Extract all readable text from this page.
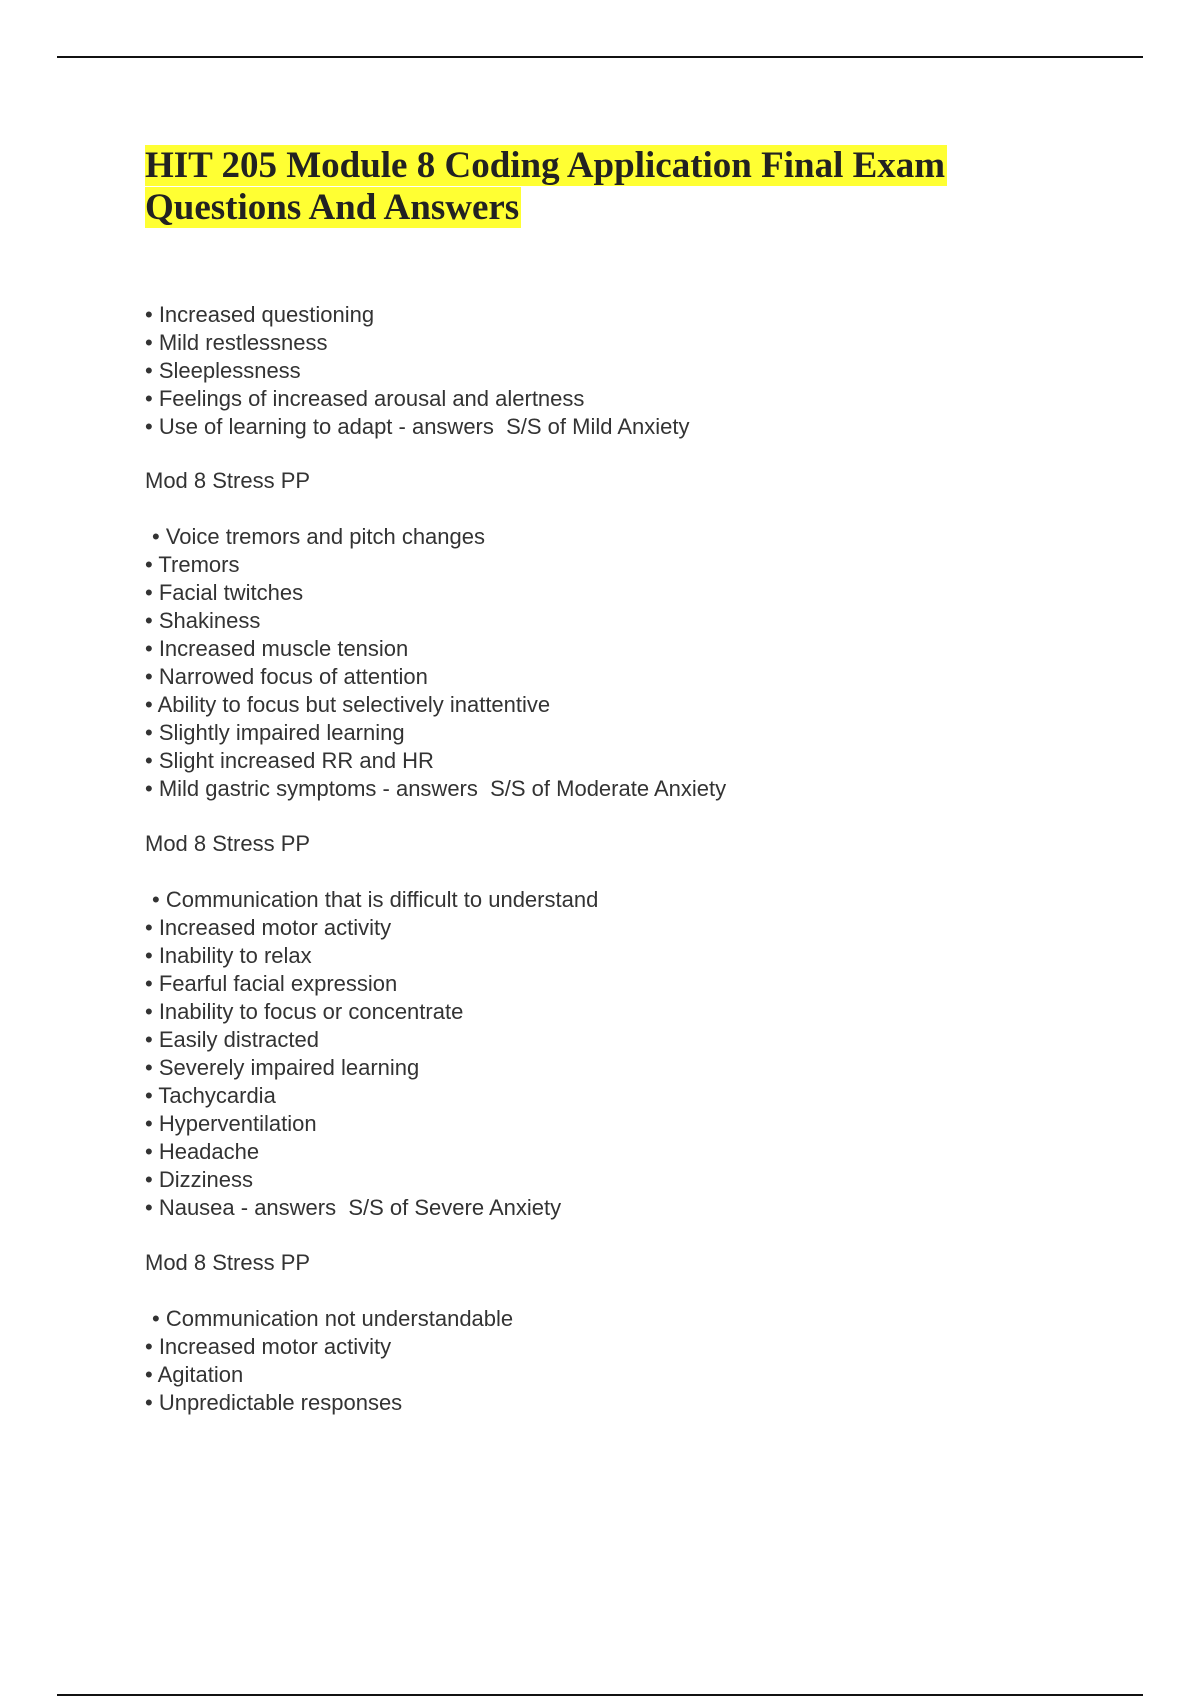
HIT 205 Module 8 Coding Application Final Exam
Questions And Answers
• Increased questioning
• Mild restlessness
• Sleeplessness
• Feelings of increased arousal and alertness
• Use of learning to adapt - answers  S/S of Mild Anxiety
Mod 8 Stress PP
• Voice tremors and pitch changes
• Tremors
• Facial twitches
• Shakiness
• Increased muscle tension
• Narrowed focus of attention
• Ability to focus but selectively inattentive
• Slightly impaired learning
• Slight increased RR and HR
• Mild gastric symptoms - answers  S/S of Moderate Anxiety
Mod 8 Stress PP
• Communication that is difficult to understand
• Increased motor activity
• Inability to relax
• Fearful facial expression
• Inability to focus or concentrate
• Easily distracted
• Severely impaired learning
• Tachycardia
• Hyperventilation
• Headache
• Dizziness
• Nausea - answers  S/S of Severe Anxiety
Mod 8 Stress PP
• Communication not understandable
• Increased motor activity
• Agitation
• Unpredictable responses
